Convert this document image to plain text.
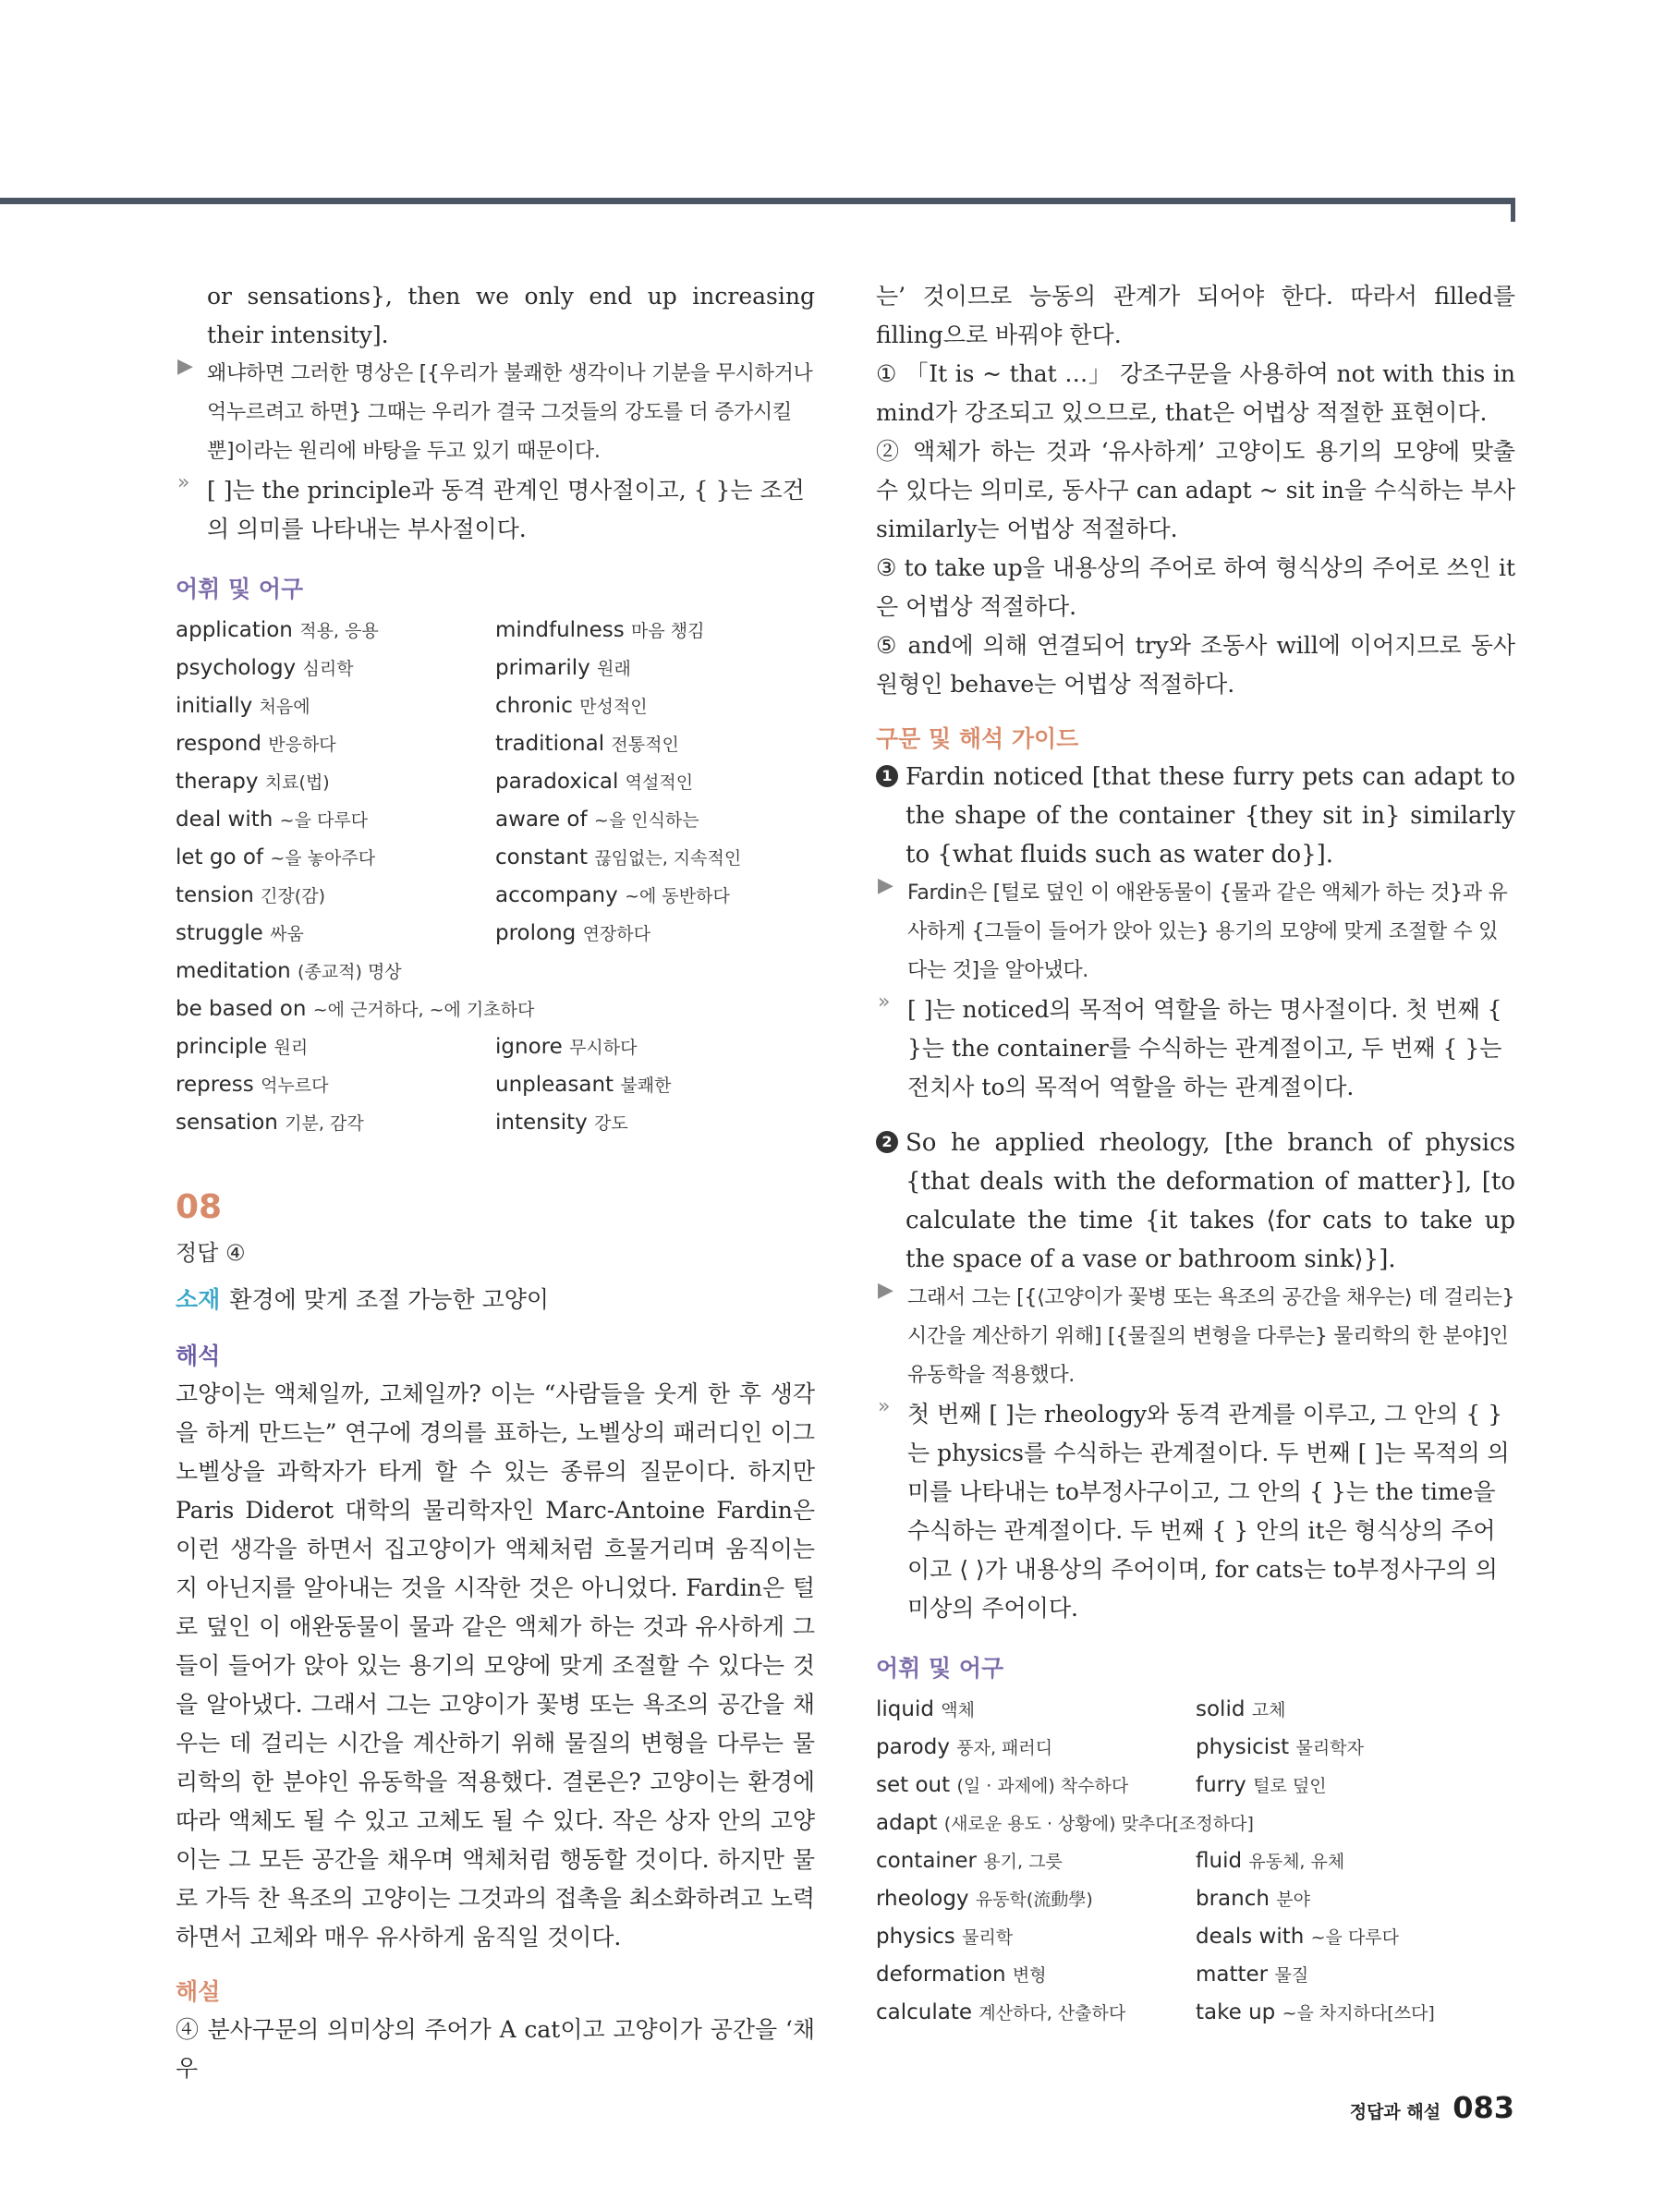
or sensations}, then we only end up increasing their intensity].

▶ 왜냐하면 그러한 명상은 [{우리가 불쾌한 생각이나 기분을 무시하거나 억누르려고 하면} 그때는 우리가 결국 그것들의 강도를 더 증가시킬 뿐]이라는 원리에 바탕을 두고 있기 때문이다.
» [ ]는 the principle과 동격 관계인 명사절이고, { }는 조건의 의미를 나타내는 부사절이다.
어휘 및 어구
application 적용, 응용	mindfulness 마음 챙김
psychology 심리학	primarily 원래
initially 처음에	chronic 만성적인
respond 반응하다	traditional 전통적인
therapy 치료(법)	paradoxical 역설적인
deal with ~을 다루다	aware of ~을 인식하는
let go of ~을 놓아주다	constant 끊임없는, 지속적인
tension 긴장(감)	accompany ~에 동반하다
struggle 싸움	prolong 연장하다
meditation (종교적) 명상
be based on ~에 근거하다, ~에 기초하다
principle 원리	ignore 무시하다
repress 억누르다	unpleasant 불쾌한
sensation 기분, 감각	intensity 강도
08
정답 ④

소재 환경에 맞게 조절 가능한 고양이

해석

고양이는 액체일까, 고체일까? 이는 “사람들을 웃게 한 후 생각을 하게 만드는” 연구에 경의를 표하는, 노벨상의 패러디인 이그 노벨상을 과학자가 타게 할 수 있는 종류의 질문이다. 하지만 Paris Diderot 대학의 물리학자인 Marc-Antoine Fardin은 이런 생각을 하면서 집고양이가 액체처럼 흐물거리며 움직이는지 아닌지를 알아내는 것을 시작한 것은 아니었다. Fardin은 털로 덮인 이 애완동물이 물과 같은 액체가 하는 것과 유사하게 그들이 들어가 앉아 있는 용기의 모양에 맞게 조절할 수 있다는 것을 알아냈다. 그래서 그는 고양이가 꽃병 또는 욕조의 공간을 채우는 데 걸리는 시간을 계산하기 위해 물질의 변형을 다루는 물리학의 한 분야인 유동학을 적용했다. 결론은? 고양이는 환경에 따라 액체도 될 수 있고 고체도 될 수 있다. 작은 상자 안의 고양이는 그 모든 공간을 채우며 액체처럼 행동할 것이다. 하지만 물로 가득 찬 욕조의 고양이는 그것과의 접촉을 최소화하려고 노력하면서 고체와 매우 유사하게 움직일 것이다.

해설

④ 분사구문의 의미상의 주어가 A cat이고 고양이가 공간을 ‘채우

는’ 것이므로 능동의 관계가 되어야 한다. 따라서 filled를 filling으로 바꿔야 한다.

① 「It is ~ that …」 강조구문을 사용하여 not with this in mind가 강조되고 있으므로, that은 어법상 적절한 표현이다.

② 액체가 하는 것과 ‘유사하게’ 고양이도 용기의 모양에 맞출 수 있다는 의미로, 동사구 can adapt ~ sit in을 수식하는 부사 similarly는 어법상 적절하다.

③ to take up을 내용상의 주어로 하여 형식상의 주어로 쓰인 it은 어법상 적절하다.

⑤ and에 의해 연결되어 try와 조동사 will에 이어지므로 동사원형인 behave는 어법상 적절하다.

구문 및 해석 가이드
1 Fardin noticed [that these furry pets can adapt to the shape of the container {they sit in} similarly to {what fluids such as water do}].
▶ Fardin은 [털로 덮인 이 애완동물이 {물과 같은 액체가 하는 것}과 유사하게 {그들이 들어가 앉아 있는} 용기의 모양에 맞게 조절할 수 있다는 것]을 알아냈다.
» [ ]는 noticed의 목적어 역할을 하는 명사절이다. 첫 번째 { }는 the container를 수식하는 관계절이고, 두 번째 { }는 전치사 to의 목적어 역할을 하는 관계절이다.
2 So he applied rheology, [the branch of physics {that deals with the deformation of matter}], [to calculate the time {it takes ⟨for cats to take up the space of a vase or bathroom sink⟩}].
▶ 그래서 그는 [{⟨고양이가 꽃병 또는 욕조의 공간을 채우는⟩ 데 걸리는} 시간을 계산하기 위해] [{물질의 변형을 다루는} 물리학의 한 분야]인 유동학을 적용했다.
» 첫 번째 [ ]는 rheology와 동격 관계를 이루고, 그 안의 { }는 physics를 수식하는 관계절이다. 두 번째 [ ]는 목적의 의미를 나타내는 to부정사구이고, 그 안의 { }는 the time을 수식하는 관계절이다. 두 번째 { } 안의 it은 형식상의 주어이고 ⟨ ⟩가 내용상의 주어이며, for cats는 to부정사구의 의미상의 주어이다.
어휘 및 어구
liquid 액체	solid 고체
parody 풍자, 패러디	physicist 물리학자
set out (일 · 과제에) 착수하다	furry 털로 덮인
adapt (새로운 용도 · 상황에) 맞추다[조정하다]
container 용기, 그릇	fluid 유동체, 유체
rheology 유동학(流動學)	branch 분야
physics 물리학	deals with ~을 다루다
deformation 변형	matter 물질
calculate 계산하다, 산출하다	take up ~을 차지하다[쓰다]
정답과 해설 083
